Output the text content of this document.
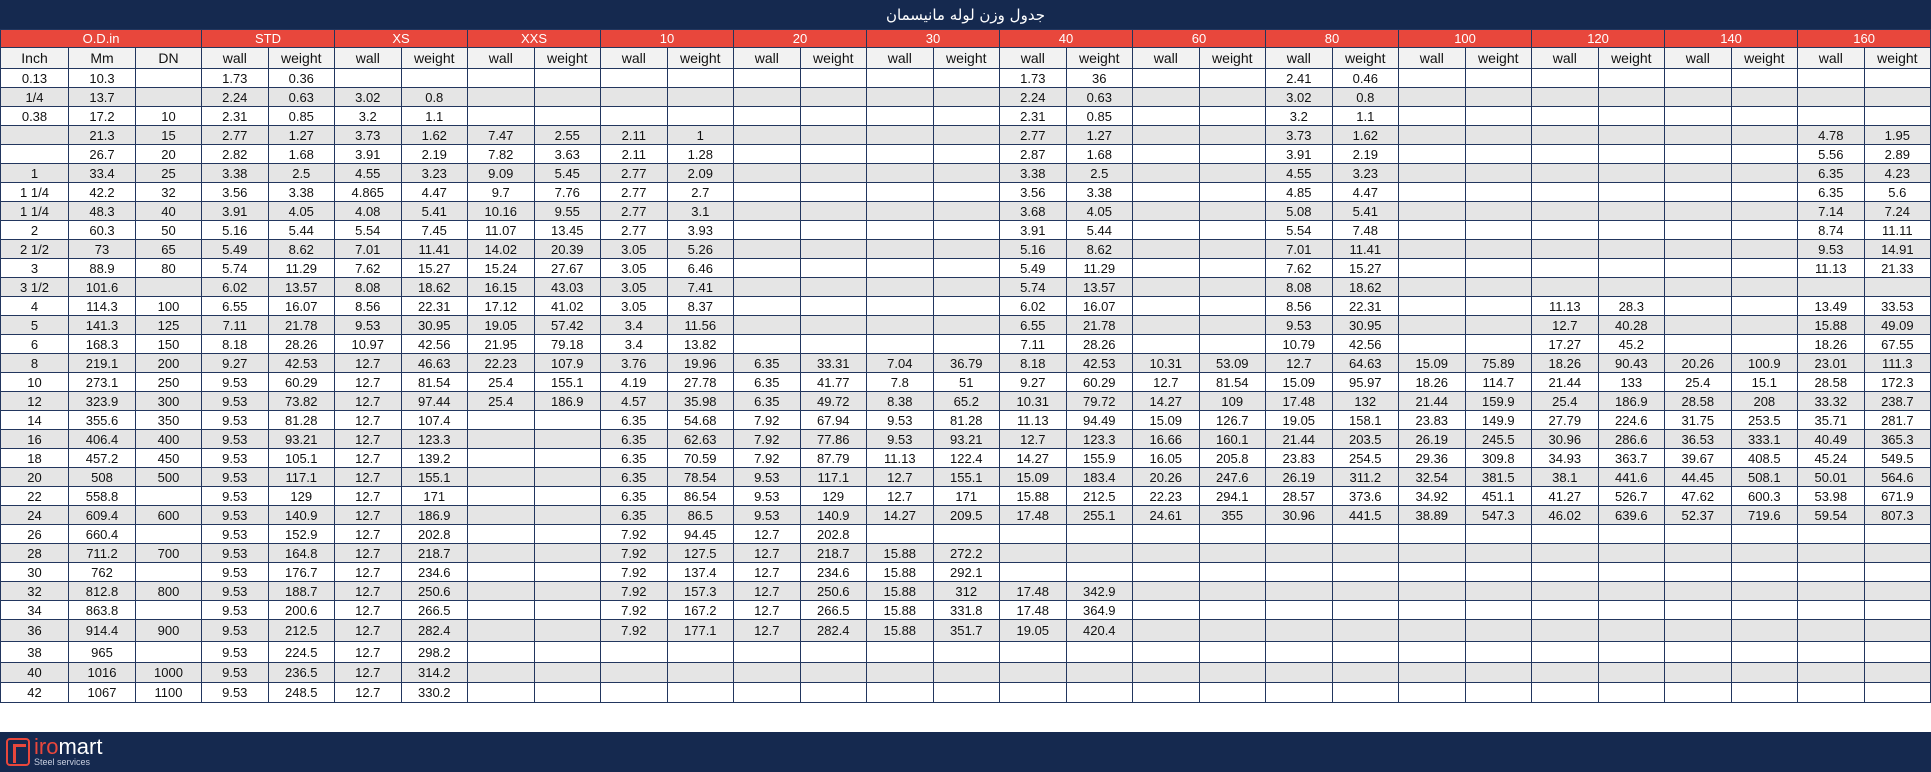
جدول وزن لوله مانیسمان
O.D.in			STD		XS		XXS		10		20		30		40		60		80		100		120		140		160	
Inch	Mm	DN	wall	weight	wall	weight	wall	weight	wall	weight	wall	weight	wall	weight	wall	weight	wall	weight	wall	weight	wall	weight	wall	weight	wall	weight	wall	weight
0.13	10.3		1.73	0.36											1.73	36			2.41	0.46								
1/4	13.7		2.24	0.63	3.02	0.8									2.24	0.63			3.02	0.8								
0.38	17.2	10	2.31	0.85	3.2	1.1									2.31	0.85			3.2	1.1								
	21.3	15	2.77	1.27	3.73	1.62	7.47	2.55	2.11	1					2.77	1.27			3.73	1.62							4.78	1.95
	26.7	20	2.82	1.68	3.91	2.19	7.82	3.63	2.11	1.28					2.87	1.68			3.91	2.19							5.56	2.89
1	33.4	25	3.38	2.5	4.55	3.23	9.09	5.45	2.77	2.09					3.38	2.5			4.55	3.23							6.35	4.23
1 1/4	42.2	32	3.56	3.38	4.865	4.47	9.7	7.76	2.77	2.7					3.56	3.38			4.85	4.47							6.35	5.6
1 1/4	48.3	40	3.91	4.05	4.08	5.41	10.16	9.55	2.77	3.1					3.68	4.05			5.08	5.41							7.14	7.24
2	60.3	50	5.16	5.44	5.54	7.45	11.07	13.45	2.77	3.93					3.91	5.44			5.54	7.48							8.74	11.11
2 1/2	73	65	5.49	8.62	7.01	11.41	14.02	20.39	3.05	5.26					5.16	8.62			7.01	11.41							9.53	14.91
3	88.9	80	5.74	11.29	7.62	15.27	15.24	27.67	3.05	6.46					5.49	11.29			7.62	15.27							11.13	21.33
3 1/2	101.6		6.02	13.57	8.08	18.62	16.15	43.03	3.05	7.41					5.74	13.57			8.08	18.62								
4	114.3	100	6.55	16.07	8.56	22.31	17.12	41.02	3.05	8.37					6.02	16.07			8.56	22.31			11.13	28.3			13.49	33.53
5	141.3	125	7.11	21.78	9.53	30.95	19.05	57.42	3.4	11.56					6.55	21.78			9.53	30.95			12.7	40.28			15.88	49.09
6	168.3	150	8.18	28.26	10.97	42.56	21.95	79.18	3.4	13.82					7.11	28.26			10.79	42.56			17.27	45.2			18.26	67.55
8	219.1	200	9.27	42.53	12.7	46.63	22.23	107.9	3.76	19.96	6.35	33.31	7.04	36.79	8.18	42.53	10.31	53.09	12.7	64.63	15.09	75.89	18.26	90.43	20.26	100.9	23.01	111.3
10	273.1	250	9.53	60.29	12.7	81.54	25.4	155.1	4.19	27.78	6.35	41.77	7.8	51	9.27	60.29	12.7	81.54	15.09	95.97	18.26	114.7	21.44	133	25.4	15.1	28.58	172.3
12	323.9	300	9.53	73.82	12.7	97.44	25.4	186.9	4.57	35.98	6.35	49.72	8.38	65.2	10.31	79.72	14.27	109	17.48	132	21.44	159.9	25.4	186.9	28.58	208	33.32	238.7
14	355.6	350	9.53	81.28	12.7	107.4			6.35	54.68	7.92	67.94	9.53	81.28	11.13	94.49	15.09	126.7	19.05	158.1	23.83	149.9	27.79	224.6	31.75	253.5	35.71	281.7
16	406.4	400	9.53	93.21	12.7	123.3			6.35	62.63	7.92	77.86	9.53	93.21	12.7	123.3	16.66	160.1	21.44	203.5	26.19	245.5	30.96	286.6	36.53	333.1	40.49	365.3
18	457.2	450	9.53	105.1	12.7	139.2			6.35	70.59	7.92	87.79	11.13	122.4	14.27	155.9	16.05	205.8	23.83	254.5	29.36	309.8	34.93	363.7	39.67	408.5	45.24	549.5
20	508	500	9.53	117.1	12.7	155.1			6.35	78.54	9.53	117.1	12.7	155.1	15.09	183.4	20.26	247.6	26.19	311.2	32.54	381.5	38.1	441.6	44.45	508.1	50.01	564.6
22	558.8		9.53	129	12.7	171			6.35	86.54	9.53	129	12.7	171	15.88	212.5	22.23	294.1	28.57	373.6	34.92	451.1	41.27	526.7	47.62	600.3	53.98	671.9
24	609.4	600	9.53	140.9	12.7	186.9			6.35	86.5	9.53	140.9	14.27	209.5	17.48	255.1	24.61	355	30.96	441.5	38.89	547.3	46.02	639.6	52.37	719.6	59.54	807.3
26	660.4		9.53	152.9	12.7	202.8			7.92	94.45	12.7	202.8																
28	711.2	700	9.53	164.8	12.7	218.7			7.92	127.5	12.7	218.7	15.88	272.2														
30	762		9.53	176.7	12.7	234.6			7.92	137.4	12.7	234.6	15.88	292.1														
32	812.8	800	9.53	188.7	12.7	250.6			7.92	157.3	12.7	250.6	15.88	312	17.48	342.9												
34	863.8		9.53	200.6	12.7	266.5			7.92	167.2	12.7	266.5	15.88	331.8	17.48	364.9												
36	914.4	900	9.53	212.5	12.7	282.4			7.92	177.1	12.7	282.4	15.88	351.7	19.05	420.4												
38	965		9.53	224.5	12.7	298.2																						
40	1016	1000	9.53	236.5	12.7	314.2																						
42	1067	1100	9.53	248.5	12.7	330.2																						
iromart
Steel services
